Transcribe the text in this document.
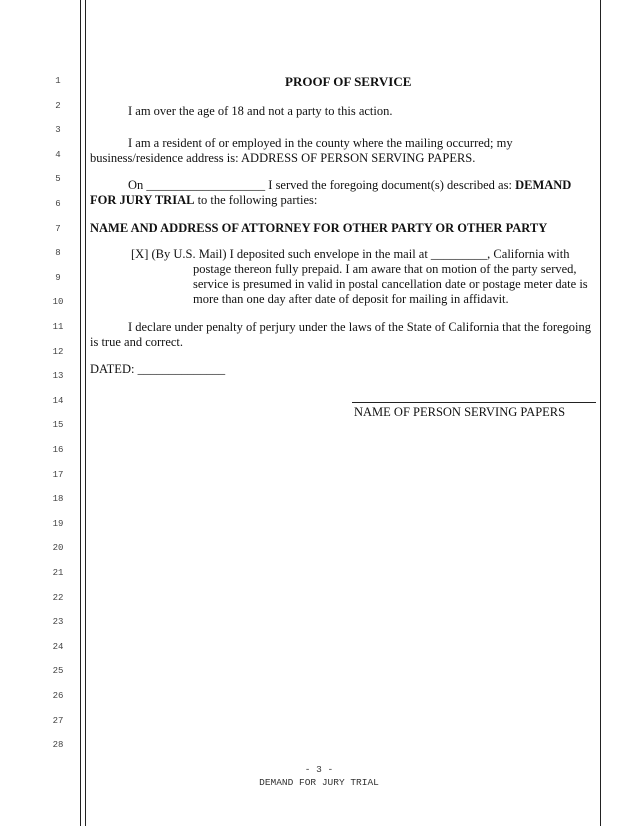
1
2
3
4
5
6
7
8
9
10
11
12
13
14
15
16
17
18
19
20
21
22
23
24
25
26
27
28
PROOF OF SERVICE
I am over the age of 18 and not a party to this action.
I am a resident of or employed in the county where the mailing occurred; my
business/residence address is: ADDRESS OF PERSON SERVING PAPERS.
On ___________________ I served the foregoing document(s) described as: DEMAND
FOR JURY TRIAL to the following parties:
NAME AND ADDRESS OF ATTORNEY FOR OTHER PARTY OR OTHER PARTY
[X] (By U.S. Mail) I deposited such envelope in the mail at _________, California with
postage thereon fully prepaid. I am aware that on motion of the party served,
service is presumed in valid in postal cancellation date or postage meter date is
more than one day after date of deposit for mailing in affidavit.
I declare under penalty of perjury under the laws of the State of California that the foregoing
is true and correct.
DATED: ______________
NAME OF PERSON SERVING PAPERS
- 3 -
DEMAND FOR JURY TRIAL
